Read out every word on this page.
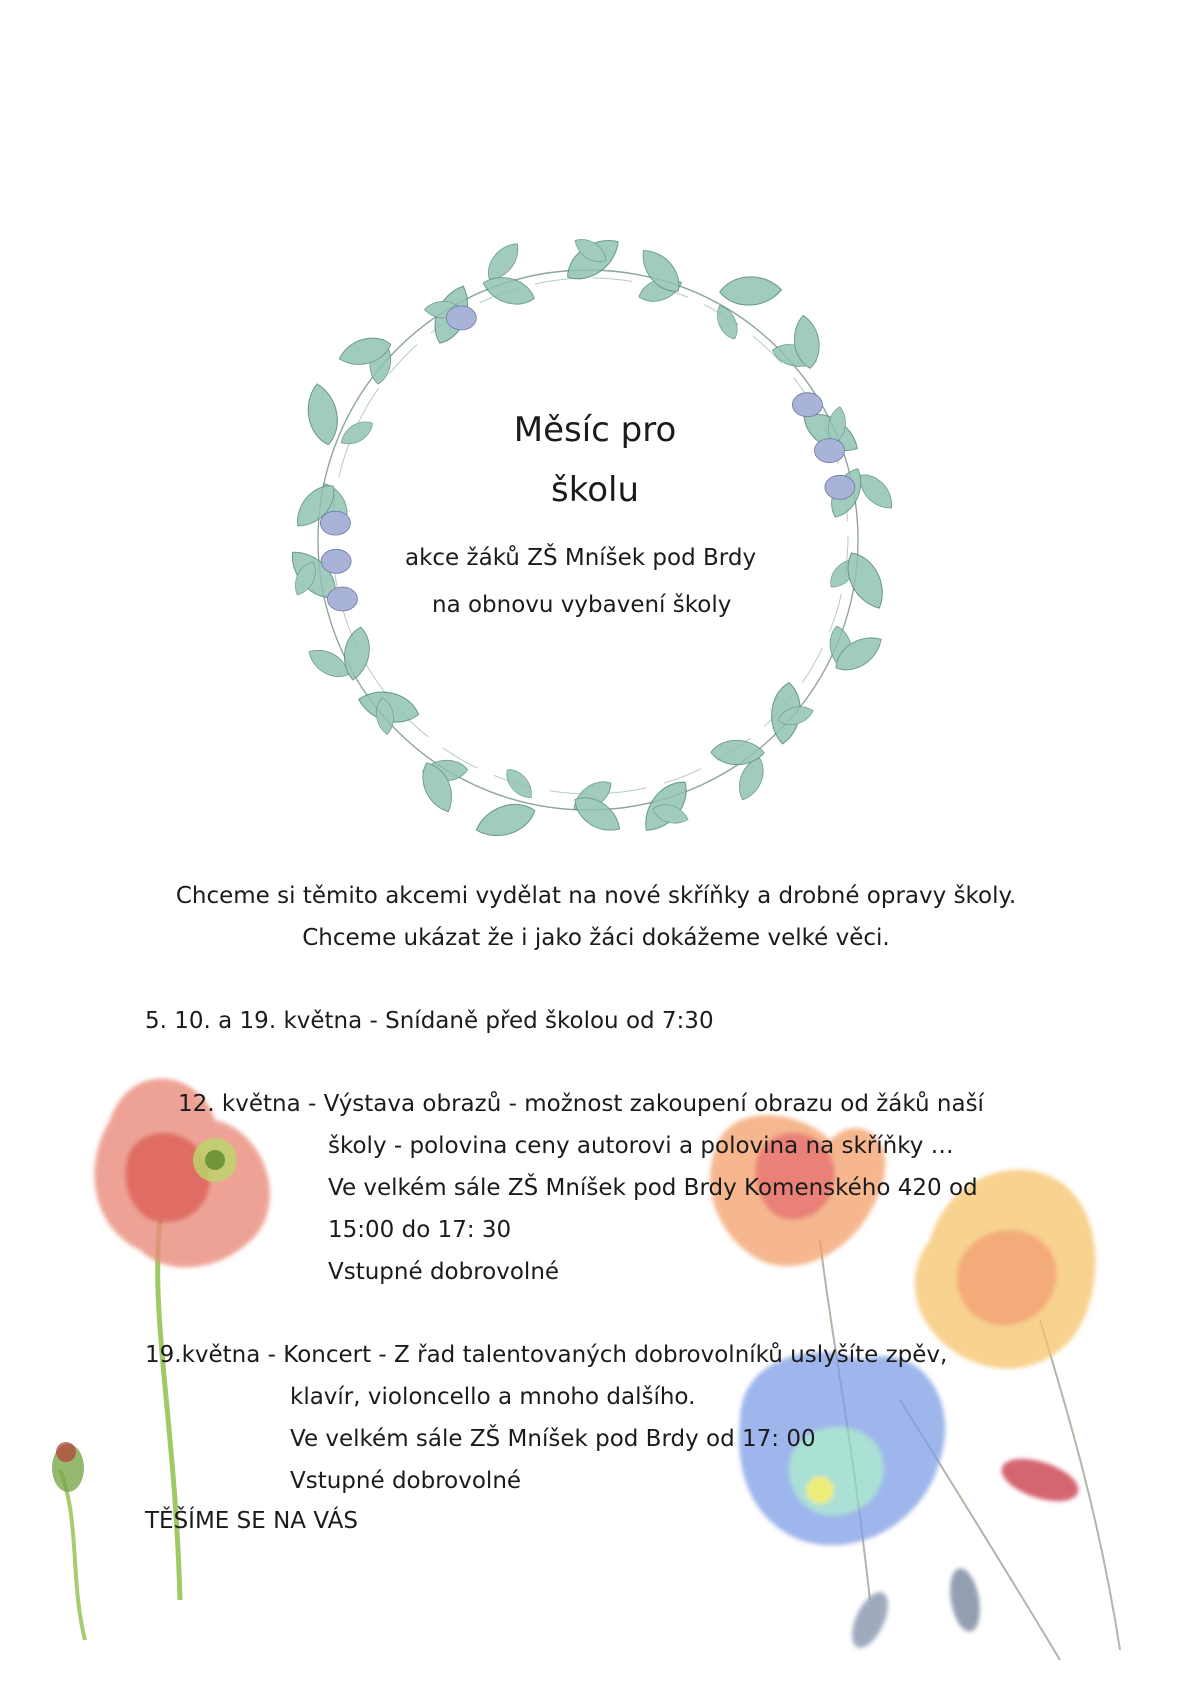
Měsíc pro
školu
akce žáků ZŠ Mníšek pod Brdy
na obnovu vybavení školy
Chceme si těmito akcemi vydělat na nové skříňky a drobné opravy školy.
Chceme ukázat že i jako žáci dokážeme velké věci.
5. 10. a 19. května - Snídaně před školou od 7:30
12. května - Výstava obrazů - možnost zakoupení obrazu od žáků naší
školy - polovina ceny autorovi a polovina na skříňky …
Ve velkém sále ZŠ Mníšek pod Brdy Komenského 420 od
15:00 do 17: 30
Vstupné dobrovolné
19.května - Koncert - Z řad talentovaných dobrovolníků uslyšíte zpěv,
klavír, violoncello a mnoho dalšího.
Ve velkém sále ZŠ Mníšek pod Brdy od 17: 00
Vstupné dobrovolné
TĚŠÍME SE NA VÁS
